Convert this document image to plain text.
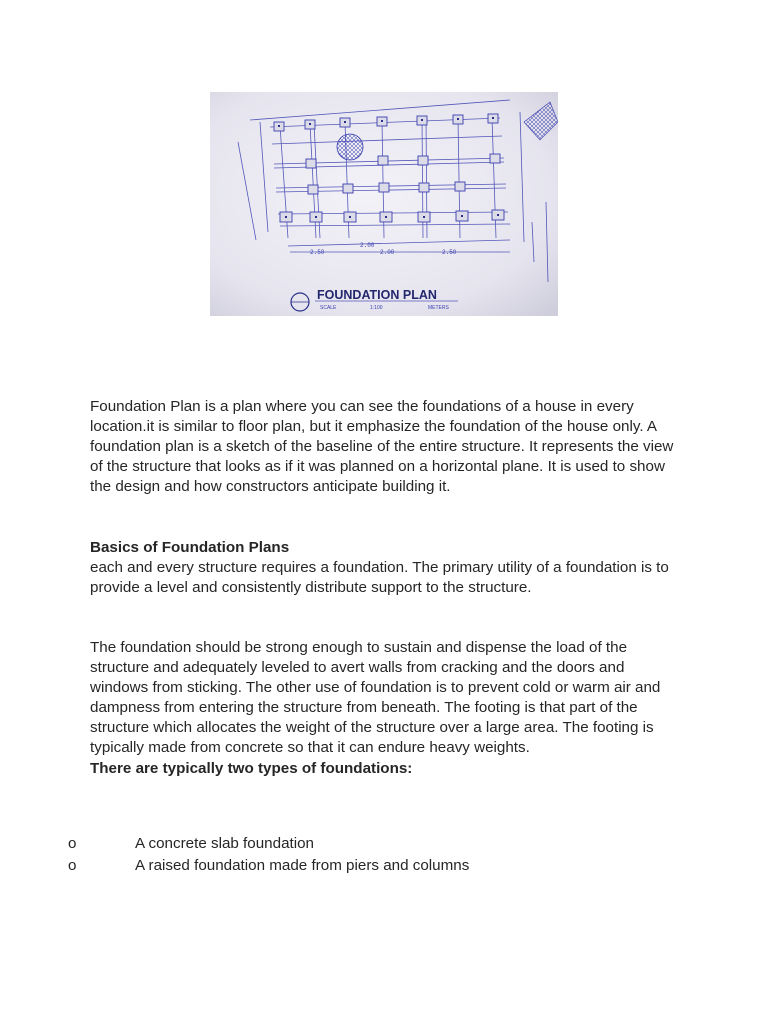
2.50
2.00
2.00	2.50
FOUNDATION PLAN
SCALE	1:100	METERS
Foundation Plan is a plan where you can see the foundations of a house in every location.it is similar to floor plan, but it emphasize the foundation of the house only. A foundation plan is a sketch of the baseline of the entire structure. It represents the view of the structure that looks as if it was planned on a horizontal plane. It is used to show the design and how constructors anticipate building it.
Basics of Foundation Plans
each and every structure requires a foundation. The primary utility of a foundation is to provide a level and consistently distribute support to the structure.
The foundation should be strong enough to sustain and dispense the load of the structure and adequately leveled to avert walls from cracking and the doors and windows from sticking. The other use of foundation is to prevent cold or warm air and dampness from entering the structure from beneath. The footing is that part of the structure which allocates the weight of the structure over a large area. The footing is typically made from concrete so that it can endure heavy weights.
There are typically two types of foundations:
o	A concrete slab foundation
o	A raised foundation made from piers and columns
